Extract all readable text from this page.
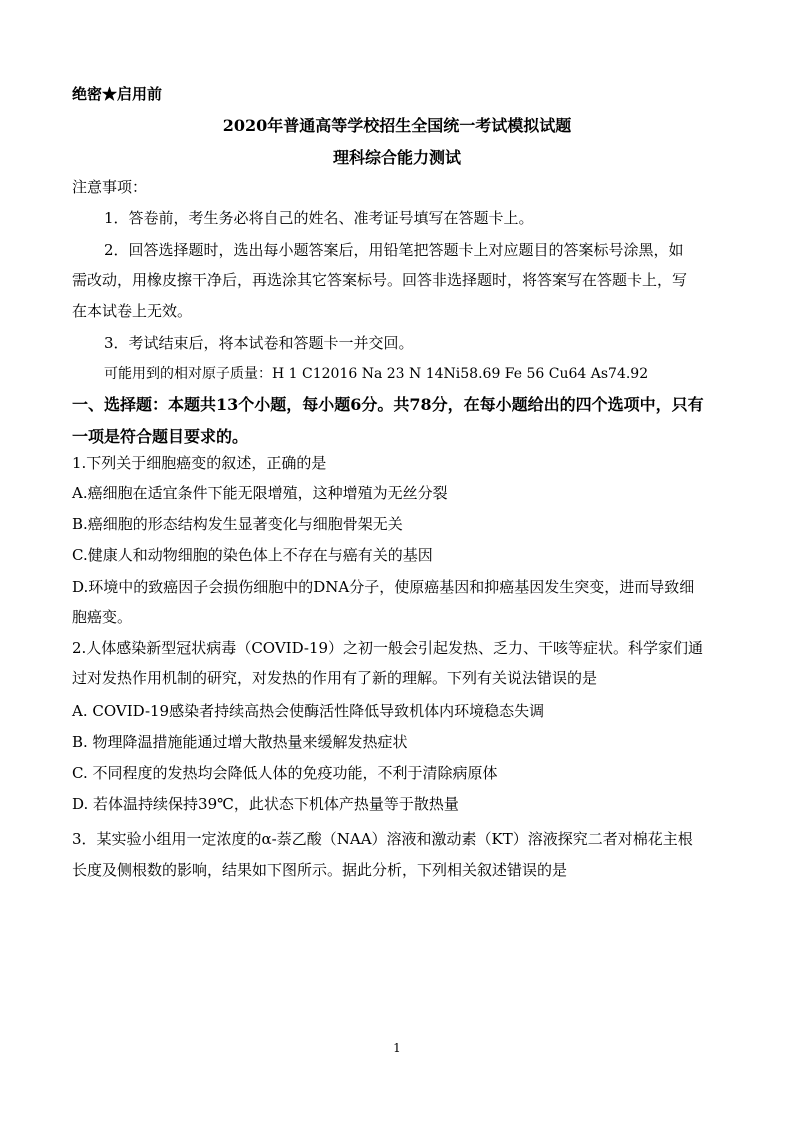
绝密★启用前
2020年普通高等学校招生全国统一考试模拟试题
理科综合能力测试
注意事项：
1．答卷前，考生务必将自己的姓名、准考证号填写在答题卡上。
2．回答选择题时，选出每小题答案后，用铅笔把答题卡上对应题目的答案标号涂黑，如
需改动，用橡皮擦干净后，再选涂其它答案标号。回答非选择题时，将答案写在答题卡上，写
在本试卷上无效。
3．考试结束后，将本试卷和答题卡一并交回。
可能用到的相对原子质量：H 1 C12016 Na 23 N 14Ni58.69 Fe 56 Cu64 As74.92
一、选择题：本题共13个小题，每小题6分。共78分，在每小题给出的四个选项中，只有
一项是符合题目要求的。
1.下列关于细胞癌变的叙述，正确的是
A.癌细胞在适宜条件下能无限增殖，这种增殖为无丝分裂
B.癌细胞的形态结构发生显著变化与细胞骨架无关
C.健康人和动物细胞的染色体上不存在与癌有关的基因
D.环境中的致癌因子会损伤细胞中的DNA分子，使原癌基因和抑癌基因发生突变，进而导致细
胞癌变。
2.人体感染新型冠状病毒（COVID-19）之初一般会引起发热、乏力、干咳等症状。科学家们通
过对发热作用机制的研究，对发热的作用有了新的理解。下列有关说法错误的是
A. COVID-19感染者持续高热会使酶活性降低导致机体内环境稳态失调
B. 物理降温措施能通过增大散热量来缓解发热症状
C. 不同程度的发热均会降低人体的免疫功能，不利于清除病原体
D. 若体温持续保持39℃，此状态下机体产热量等于散热量
3．某实验小组用一定浓度的α-萘乙酸（NAA）溶液和激动素（KT）溶液探究二者对棉花主根
长度及侧根数的影响，结果如下图所示。据此分析，下列相关叙述错误的是
1
